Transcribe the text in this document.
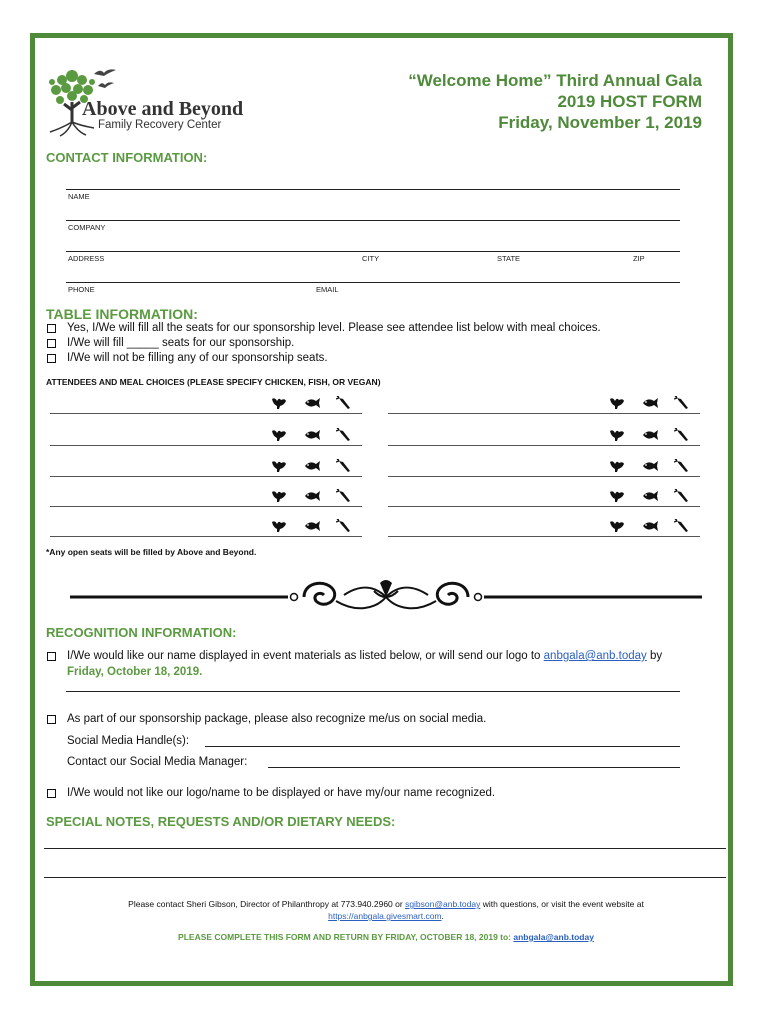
Above and Beyond
Family Recovery Center
“Welcome Home” Third Annual Gala
2019 HOST FORM
Friday, November 1, 2019
CONTACT INFORMATION:
NAME
COMPANY
ADDRESS	CITY	STATE	ZIP
PHONE	EMAIL
TABLE INFORMATION:
Yes, I/We will fill all the seats for our sponsorship level. Please see attendee list below with meal choices.
I/We will fill _____ seats for our sponsorship.
I/We will not be filling any of our sponsorship seats.
ATTENDEES AND MEAL CHOICES (PLEASE SPECIFY CHICKEN, FISH, OR VEGAN)
*Any open seats will be filled by Above and Beyond.
RECOGNITION INFORMATION:
I/We would like our name displayed in event materials as listed below, or will send our logo to anbgala@anb.today by
Friday, October 18, 2019.
As part of our sponsorship package, please also recognize me/us on social media.
Social Media Handle(s):
Contact our Social Media Manager:
I/We would not like our logo/name to be displayed or have my/our name recognized.
SPECIAL NOTES, REQUESTS AND/OR DIETARY NEEDS:
Please contact Sheri Gibson, Director of Philanthropy at 773.940.2960 or sgibson@anb.today with questions, or visit the event website at
https://anbgala.givesmart.com.
PLEASE COMPLETE THIS FORM AND RETURN BY FRIDAY, OCTOBER 18, 2019 to: anbgala@anb.today
